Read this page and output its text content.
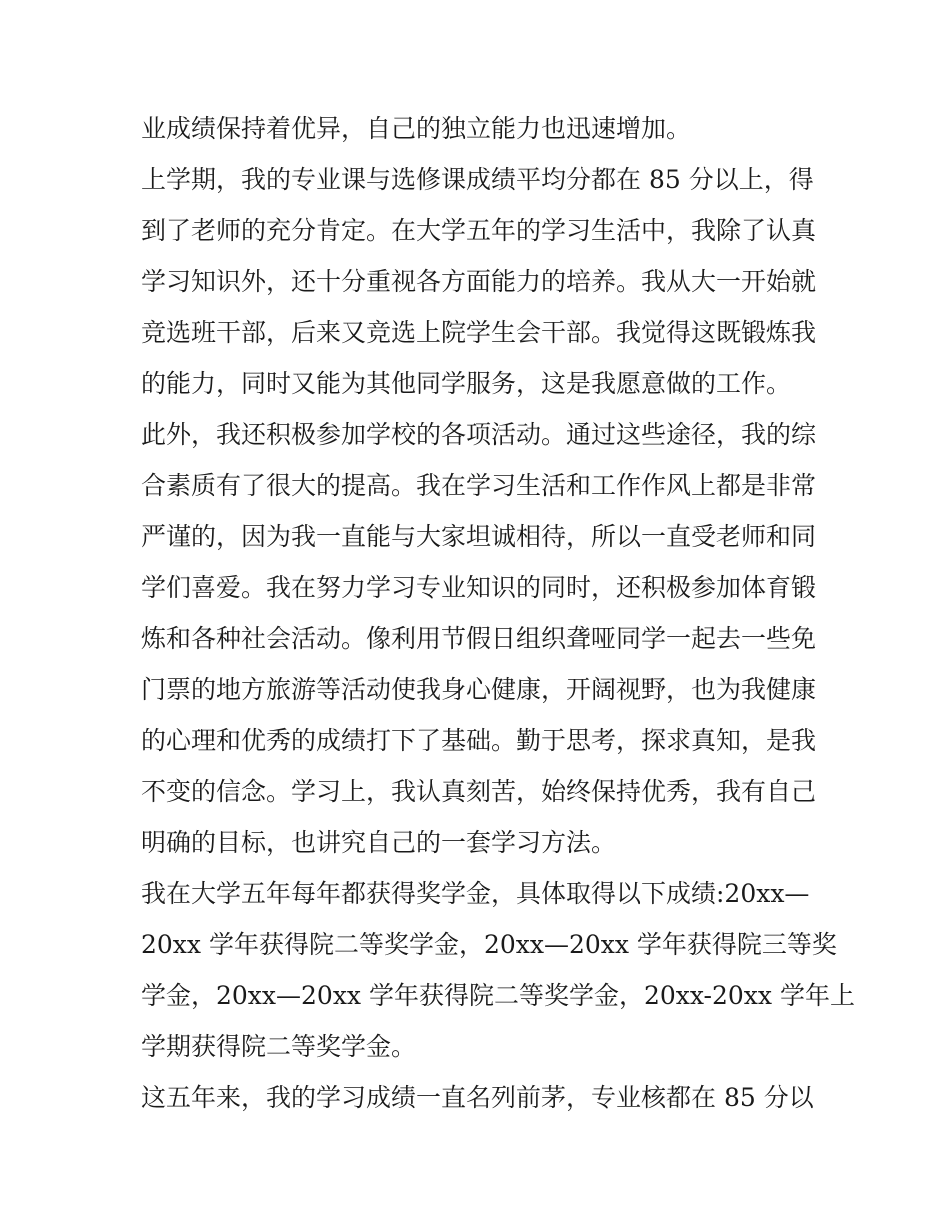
业成绩保持着优异，自己的独立能力也迅速增加。
上学期，我的专业课与选修课成绩平均分都在 85 分以上，得
到了老师的充分肯定。在大学五年的学习生活中，我除了认真
学习知识外，还十分重视各方面能力的培养。我从大一开始就
竞选班干部，后来又竞选上院学生会干部。我觉得这既锻炼我
的能力，同时又能为其他同学服务，这是我愿意做的工作。
此外，我还积极参加学校的各项活动。通过这些途径，我的综
合素质有了很大的提高。我在学习生活和工作作风上都是非常
严谨的，因为我一直能与大家坦诚相待，所以一直受老师和同
学们喜爱。我在努力学习专业知识的同时，还积极参加体育锻
炼和各种社会活动。像利用节假日组织聋哑同学一起去一些免
门票的地方旅游等活动使我身心健康，开阔视野，也为我健康
的心理和优秀的成绩打下了基础。勤于思考，探求真知，是我
不变的信念。学习上，我认真刻苦，始终保持优秀，我有自己
明确的目标，也讲究自己的一套学习方法。
我在大学五年每年都获得奖学金，具体取得以下成绩:20xx—
20xx 学年获得院二等奖学金，20xx—20xx 学年获得院三等奖
学金，20xx—20xx 学年获得院二等奖学金，20xx-20xx 学年上
学期获得院二等奖学金。
这五年来，我的学习成绩一直名列前茅，专业核都在 85 分以
